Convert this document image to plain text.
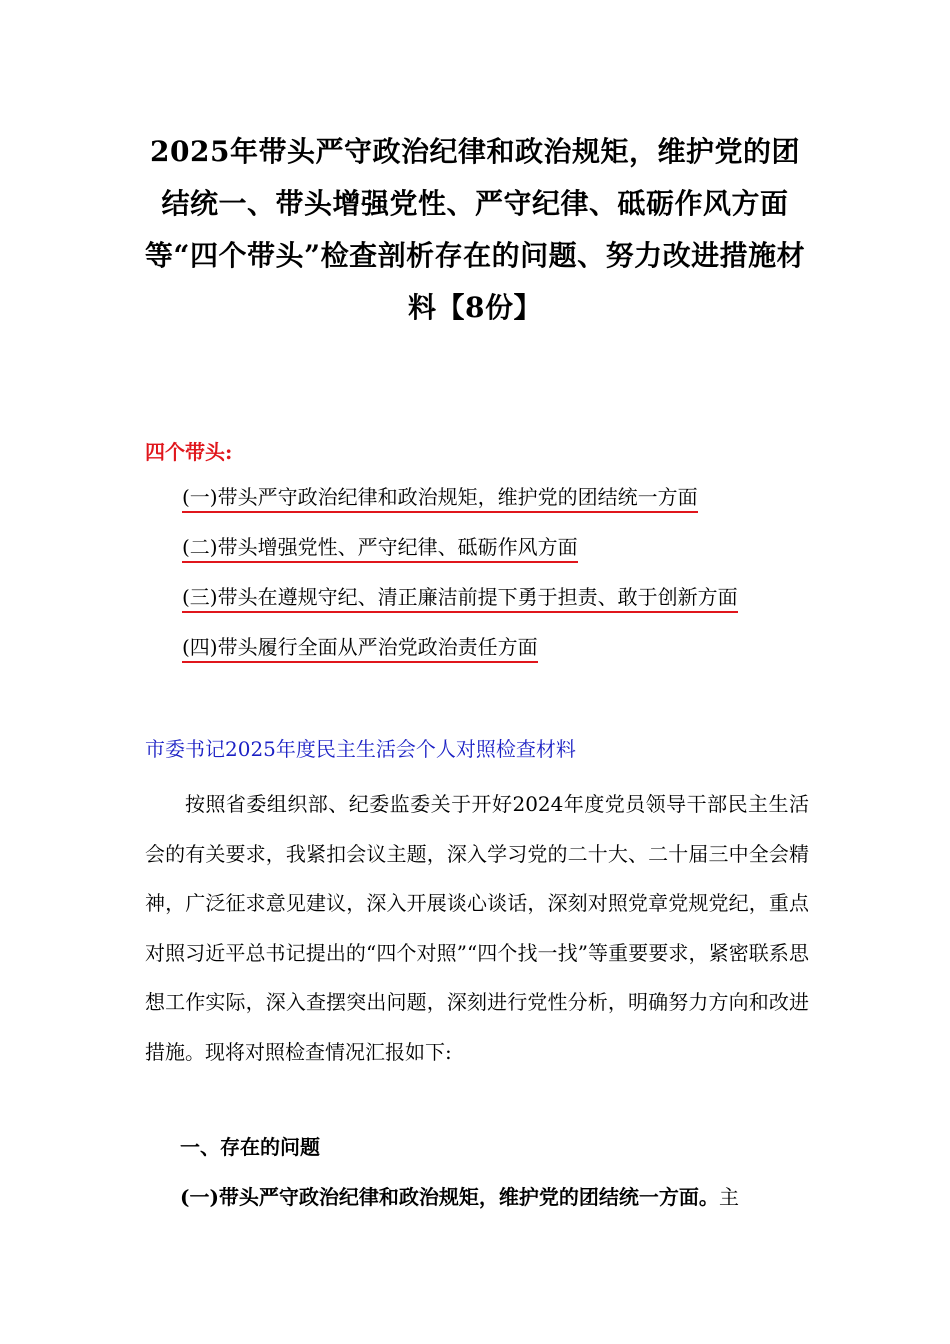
2025年带头严守政治纪律和政治规矩，维护党的团结统一、带头增强党性、严守纪律、砥砺作风方面等“四个带头”检查剖析存在的问题、努力改进措施材料【8份】
四个带头:
(一)带头严守政治纪律和政治规矩，维护党的团结统一方面
(二)带头增强党性、严守纪律、砥砺作风方面
(三)带头在遵规守纪、清正廉洁前提下勇于担责、敢于创新方面
(四)带头履行全面从严治党政治责任方面
市委书记2025年度民主生活会个人对照检查材料

按照省委组织部、纪委监委关于开好2024年度党员领导干部民主生活会的有关要求，我紧扣会议主题，深入学习党的二十大、二十届三中全会精神，广泛征求意见建议，深入开展谈心谈话，深刻对照党章党规党纪，重点对照习近平总书记提出的“四个对照”“四个找一找”等重要要求，紧密联系思想工作实际，深入查摆突出问题，深刻进行党性分析，明确努力方向和改进措施。现将对照检查情况汇报如下:

一、存在的问题
(一)带头严守政治纪律和政治规矩，维护党的团结统一方面。主
